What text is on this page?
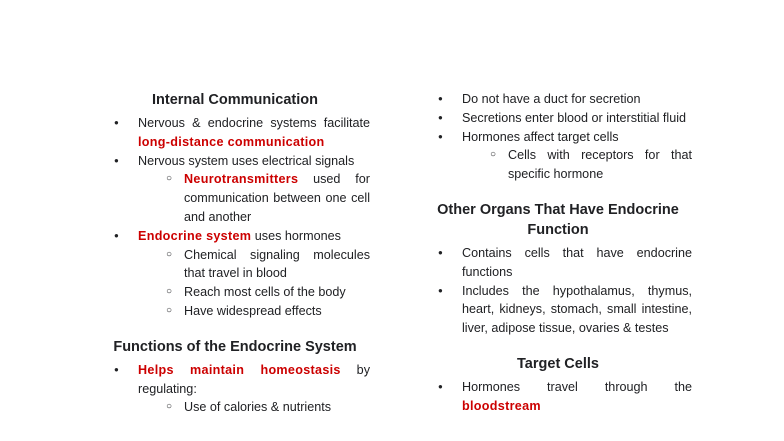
Internal Communication
● Nervous & endocrine systems facilitate long-distance communication
● Nervous system uses electrical signals
○ Neurotransmitters used for communication between one cell and another
● Endocrine system uses hormones
○ Chemical signaling molecules that travel in blood
○ Reach most cells of the body
○ Have widespread effects
Functions of the Endocrine System
● Helps maintain homeostasis by regulating:
○ Use of calories & nutrients
● Do not have a duct for secretion
● Secretions enter blood or interstitial fluid
● Hormones affect target cells
○ Cells with receptors for that specific hormone
Other Organs That Have Endocrine Function
● Contains cells that have endocrine functions
● Includes the hypothalamus, thymus, heart, kidneys, stomach, small intestine, liver, adipose tissue, ovaries & testes
Target Cells
● Hormones travel through the bloodstream
